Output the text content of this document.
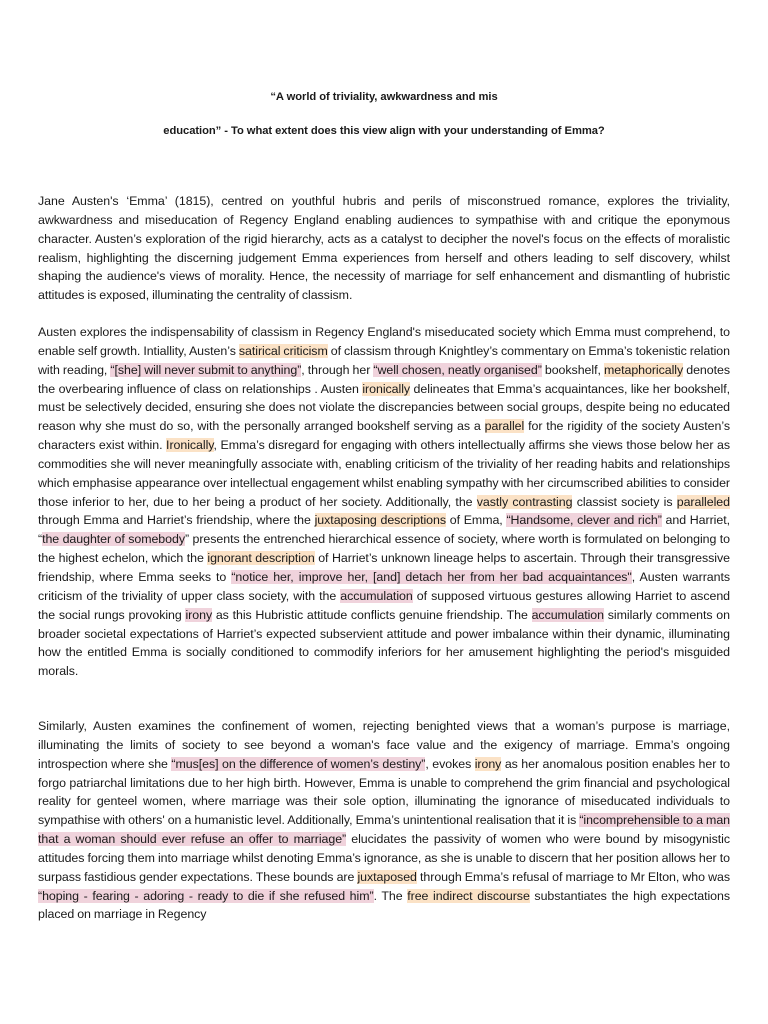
“A world of triviality, awkwardness and mis
education” - To what extent does this view align with your understanding of Emma?
Jane Austen's ‘Emma’ (1815), centred on youthful hubris and perils of misconstrued romance, explores the triviality, awkwardness and miseducation of Regency England enabling audiences to sympathise with and critique the eponymous character. Austen’s exploration of the rigid hierarchy, acts as a catalyst to decipher the novel's focus on the effects of moralistic realism, highlighting the discerning judgement Emma experiences from herself and others leading to self discovery, whilst shaping the audience's views of morality. Hence, the necessity of marriage for self enhancement and dismantling of hubristic attitudes is exposed, illuminating the centrality of classism.
Austen explores the indispensability of classism in Regency England's miseducated society which Emma must comprehend, to enable self growth. Intiallity, Austen’s satirical criticism of classism through Knightley’s commentary on Emma’s tokenistic relation with reading, “[she] will never submit to anything”, through her “well chosen, neatly organised” bookshelf, metaphorically denotes the overbearing influence of class on relationships . Austen ironically delineates that Emma’s acquaintances, like her bookshelf, must be selectively decided, ensuring she does not violate the discrepancies between social groups, despite being no educated reason why she must do so, with the personally arranged bookshelf serving as a parallel for the rigidity of the society Austen’s characters exist within. Ironically, Emma’s disregard for engaging with others intellectually affirms she views those below her as commodities she will never meaningfully associate with, enabling criticism of the triviality of her reading habits and relationships which emphasise appearance over intellectual engagement whilst enabling sympathy with her circumscribed abilities to consider those inferior to her, due to her being a product of her society. Additionally, the vastly contrasting classist society is paralleled through Emma and Harriet’s friendship, where the juxtaposing descriptions of Emma, “Handsome, clever and rich” and Harriet, “the daughter of somebody” presents the entrenched hierarchical essence of society, where worth is formulated on belonging to the highest echelon, which the ignorant description of Harriet’s unknown lineage helps to ascertain. Through their transgressive friendship, where Emma seeks to “notice her, improve her, [and] detach her from her bad acquaintances", Austen warrants criticism of the triviality of upper class society, with the accumulation of supposed virtuous gestures allowing Harriet to ascend the social rungs provoking irony as this Hubristic attitude conflicts genuine friendship. The accumulation similarly comments on broader societal expectations of Harriet’s expected subservient attitude and power imbalance within their dynamic, illuminating how the entitled Emma is socially conditioned to commodify inferiors for her amusement highlighting the period's misguided morals.
Similarly, Austen examines the confinement of women, rejecting benighted views that a woman’s purpose is marriage, illuminating the limits of society to see beyond a woman's face value and the exigency of marriage. Emma’s ongoing introspection where she “mus[es] on the difference of women’s destiny”, evokes irony as her anomalous position enables her to forgo patriarchal limitations due to her high birth. However, Emma is unable to comprehend the grim financial and psychological reality for genteel women, where marriage was their sole option, illuminating the ignorance of miseducated individuals to sympathise with others' on a humanistic level. Additionally, Emma’s unintentional realisation that it is “incomprehensible to a man that a woman should ever refuse an offer to marriage” elucidates the passivity of women who were bound by misogynistic attitudes forcing them into marriage whilst denoting Emma’s ignorance, as she is unable to discern that her position allows her to surpass fastidious gender expectations. These bounds are juxtaposed through Emma’s refusal of marriage to Mr Elton, who was “hoping - fearing - adoring - ready to die if she refused him”. The free indirect discourse substantiates the high expectations placed on marriage in Regency
